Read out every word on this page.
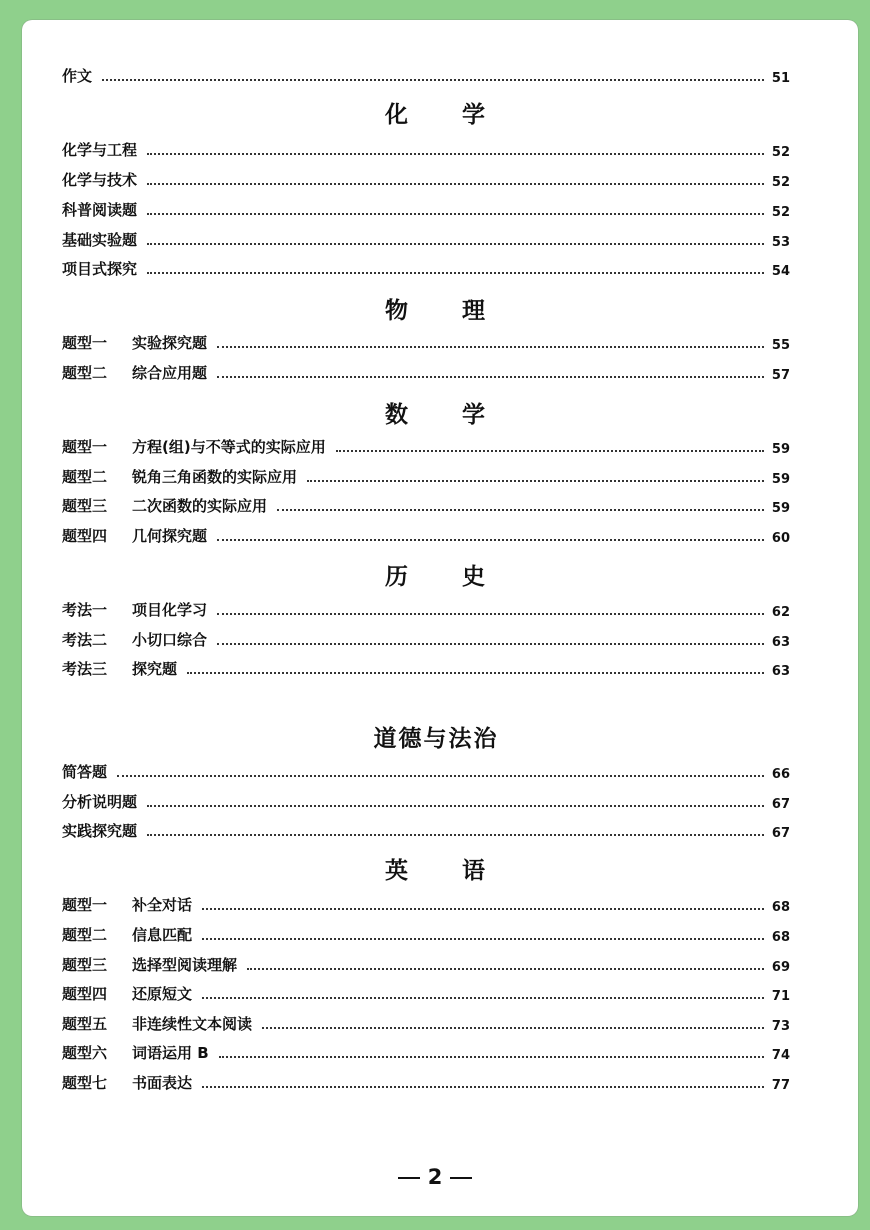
作文	51
化学与工程	52
化学与技术	52
科普阅读题	52
基础实验题	53
项目式探究	54
题型一 实验探究题	55
题型二 综合应用题	57
题型一 方程(组)与不等式的实际应用	59
题型二 锐角三角函数的实际应用	59
题型三 二次函数的实际应用	59
题型四 几何探究题	60
考法一 项目化学习	62
考法二 小切口综合	63
考法三 探究题	63
简答题	66
分析说明题	67
实践探究题	67
题型一 补全对话	68
题型二 信息匹配	68
题型三 选择型阅读理解	69
题型四 还原短文	71
题型五 非连续性文本阅读	73
题型六 词语运用 B	74
题型七 书面表达	77
2
化学
物理
数学
历史
道德与法治
英语
